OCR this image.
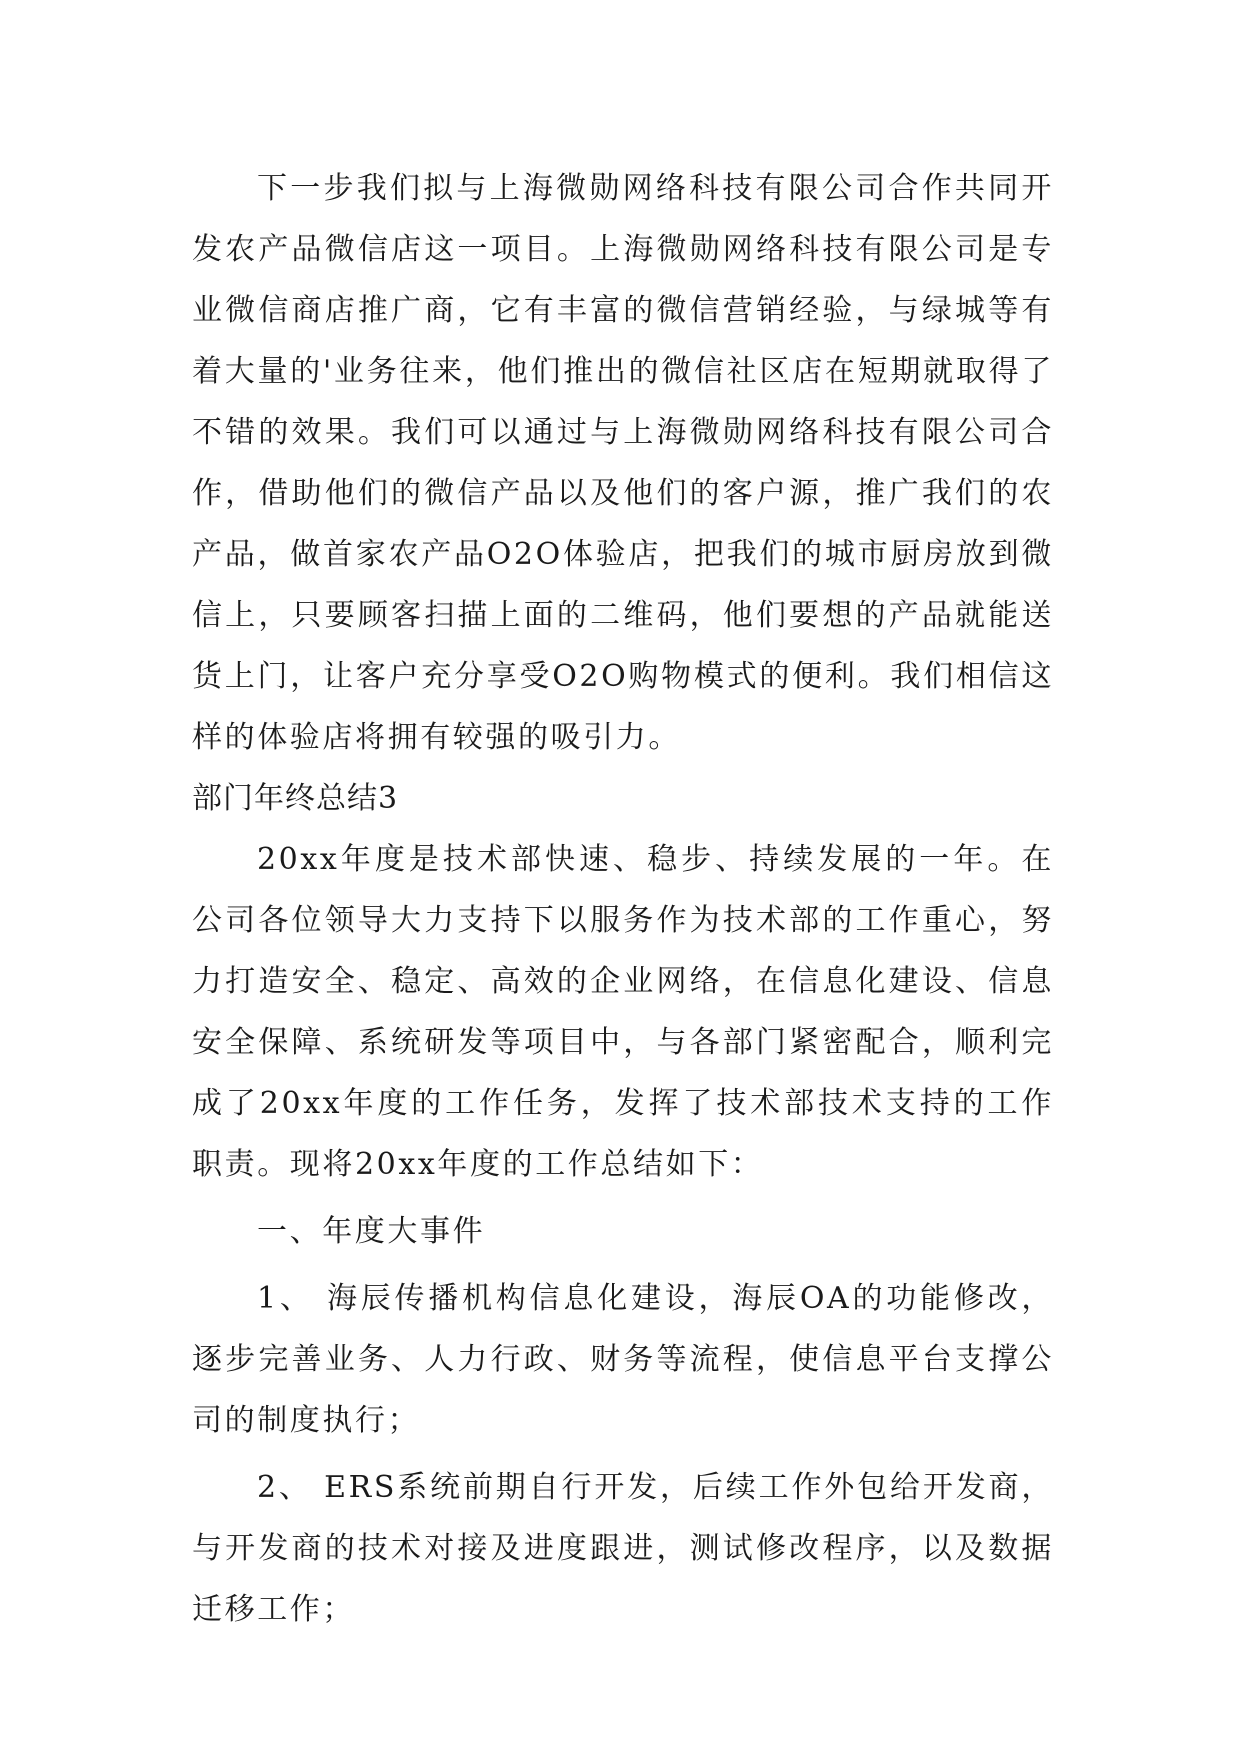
下一步我们拟与上海微勋网络科技有限公司合作共同开发农产品微信店这一项目。上海微勋网络科技有限公司是专业微信商店推广商，它有丰富的微信营销经验，与绿城等有着大量的'业务往来，他们推出的微信社区店在短期就取得了不错的效果。我们可以通过与上海微勋网络科技有限公司合作，借助他们的微信产品以及他们的客户源，推广我们的农产品，做首家农产品O2O体验店，把我们的城市厨房放到微信上，只要顾客扫描上面的二维码，他们要想的产品就能送货上门，让客户充分享受O2O购物模式的便利。我们相信这样的体验店将拥有较强的吸引力。

部门年终总结3

20xx年度是技术部快速、稳步、持续发展的一年。在公司各位领导大力支持下以服务作为技术部的工作重心，努力打造安全、稳定、高效的企业网络，在信息化建设、信息安全保障、系统研发等项目中，与各部门紧密配合，顺利完成了20xx年度的工作任务，发挥了技术部技术支持的工作职责。现将20xx年度的工作总结如下：

一、年度大事件

1、 海辰传播机构信息化建设，海辰OA的功能修改，逐步完善业务、人力行政、财务等流程，使信息平台支撑公司的制度执行；

2、 ERS系统前期自行开发，后续工作外包给开发商，与开发商的技术对接及进度跟进，测试修改程序，以及数据迁移工作；
